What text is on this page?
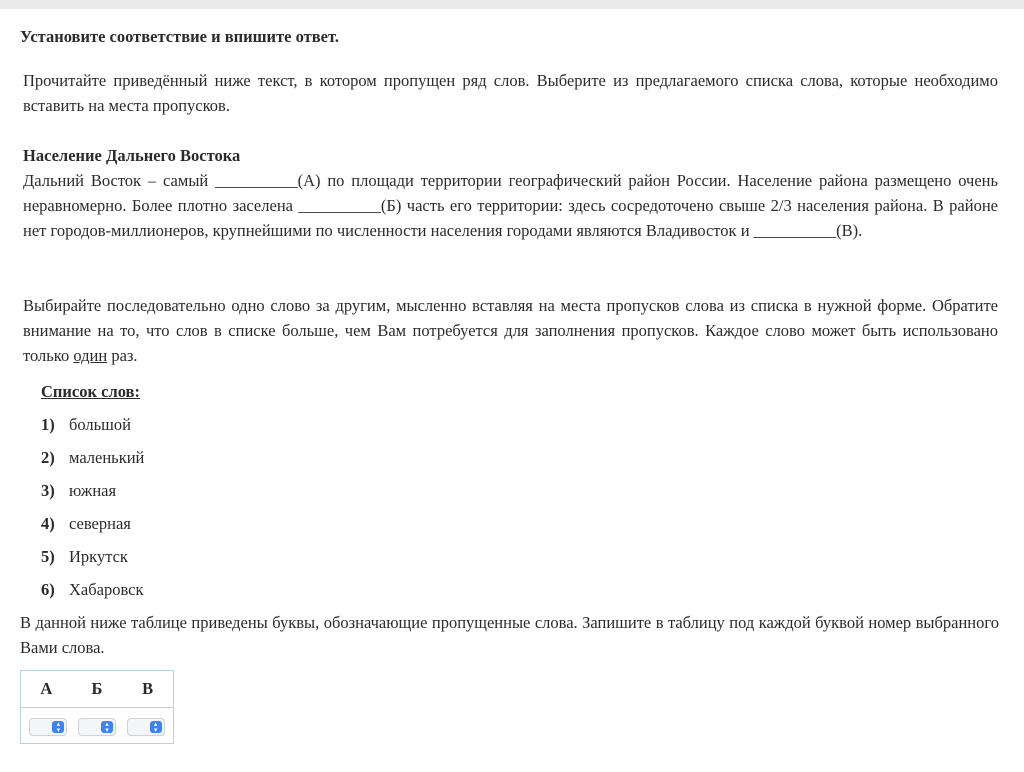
Установите соответствие и впишите ответ.
Прочитайте приведённый ниже текст, в котором пропущен ряд слов. Выберите из предлагаемого списка слова, которые необходимо вставить на места пропусков.
Население Дальнего Востока
Дальний Восток – самый __________(А) по площади территории географический район России. Население района размещено очень неравномерно. Более плотно заселена __________(Б) часть его территории: здесь сосредоточено свыше 2/3 населения района. В районе нет городов-миллионеров, крупнейшими по численности населения городами являются Владивосток и __________(В).
Выбирайте последовательно одно слово за другим, мысленно вставляя на места пропусков слова из списка в нужной форме. Обратите внимание на то, что слов в списке больше, чем Вам потребуется для заполнения пропусков. Каждое слово может быть использовано только один раз.
Список слов:
1) большой
2) маленький
3) южная
4) северная
5) Иркутск
6) Хабаровск
В данной ниже таблице приведены буквы, обозначающие пропущенные слова. Запишите в таблицу под каждой буквой номер выбранного Вами слова.
А	Б	В
▴
▾
▴
▾
▴
▾
